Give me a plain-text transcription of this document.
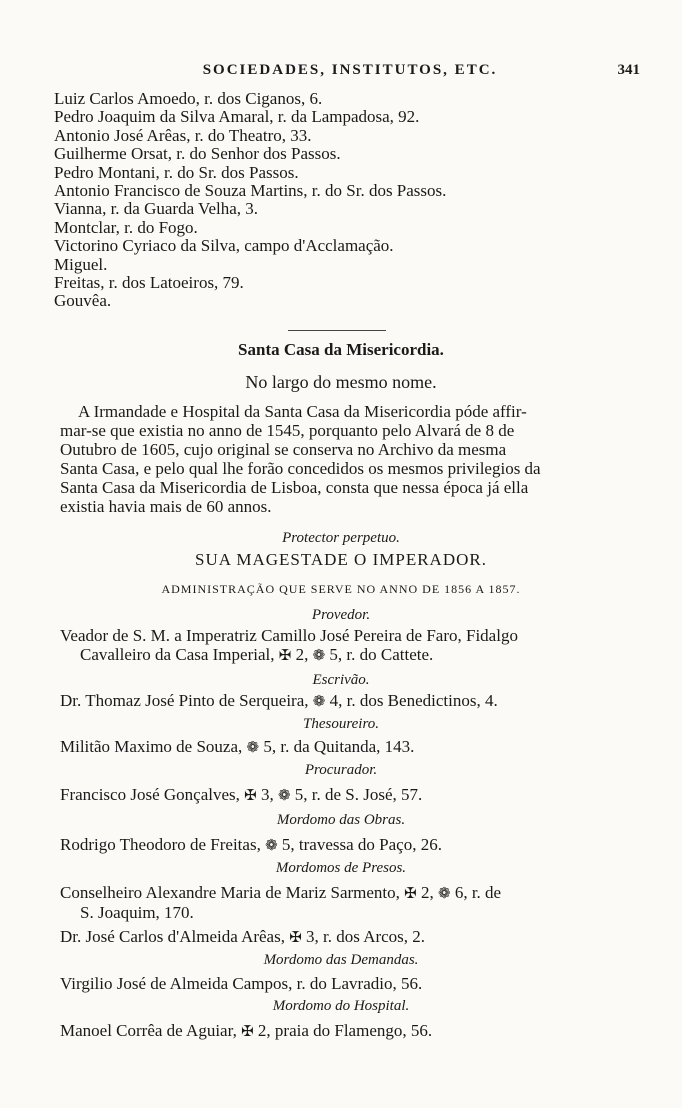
SOCIEDADES, INSTITUTOS, ETC.	341
Luiz Carlos Amoedo, r. dos Ciganos, 6.
Pedro Joaquim da Silva Amaral, r. da Lampadosa, 92.
Antonio José Arêas, r. do Theatro, 33.
Guilherme Orsat, r. do Senhor dos Passos.
Pedro Montani, r. do Sr. dos Passos.
Antonio Francisco de Souza Martins, r. do Sr. dos Passos.
Vianna, r. da Guarda Velha, 3.
Montclar, r. do Fogo.
Victorino Cyriaco da Silva, campo d'Acclamação.
Miguel.
Freitas, r. dos Latoeiros, 79.
Gouvêa.
Santa Casa da Misericordia.
No largo do mesmo nome.
A Irmandade e Hospital da Santa Casa da Misericordia póde affir-
mar-se que existia no anno de 1545, porquanto pelo Alvará de 8 de
Outubro de 1605, cujo original se conserva no Archivo da mesma
Santa Casa, e pelo qual lhe forão concedidos os mesmos privilegios da
Santa Casa da Misericordia de Lisboa, consta que nessa época já ella
existia havia mais de 60 annos.
Protector perpetuo.
SUA MAGESTADE O IMPERADOR.
ADMINISTRAÇÃO QUE SERVE NO ANNO DE 1856 A 1857.
Provedor.
Veador de S. M. a Imperatriz Camillo José Pereira de Faro, Fidalgo
Cavalleiro da Casa Imperial, ✠ 2, ❁ 5, r. do Cattete.
Escrivão.
Dr. Thomaz José Pinto de Serqueira, ❁ 4, r. dos Benedictinos, 4.
Thesoureiro.
Militão Maximo de Souza, ❁ 5, r. da Quitanda, 143.
Procurador.
Francisco José Gonçalves, ✠ 3, ❁ 5, r. de S. José, 57.
Mordomo das Obras.
Rodrigo Theodoro de Freitas, ❁ 5, travessa do Paço, 26.
Mordomos de Presos.
Conselheiro Alexandre Maria de Mariz Sarmento, ✠ 2, ❁ 6, r. de
S. Joaquim, 170.
Dr. José Carlos d'Almeida Arêas, ✠ 3, r. dos Arcos, 2.
Mordomo das Demandas.
Virgilio José de Almeida Campos, r. do Lavradio, 56.
Mordomo do Hospital.
Manoel Corrêa de Aguiar, ✠ 2, praia do Flamengo, 56.
